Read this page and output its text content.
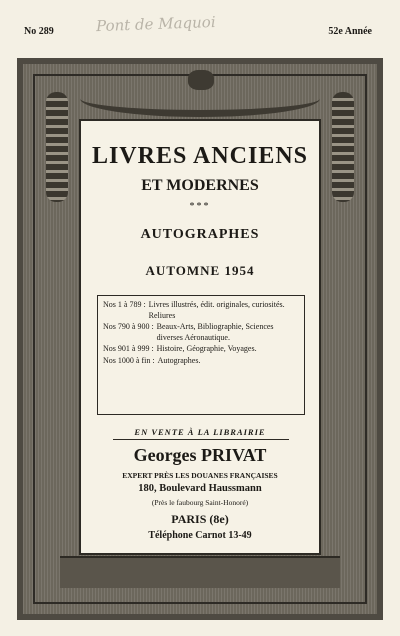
No 289	52e Année
Pont de Maquoi
LIVRES ANCIENS
ET MODERNES
***
AUTOGRAPHES
AUTOMNE 1954
Nos 1 à 789 : Livres illustrés, édit. originales, curiosités. Reliures
Nos 790 à 900 : Beaux-Arts, Bibliographie, Sciences diverses Aéronautique.
Nos 901 à 999 : Histoire, Géographie, Voyages.
Nos 1000 à fin : Autographes.
EN VENTE À LA LIBRAIRIE
Georges PRIVAT
EXPERT PRÈS LES DOUANES FRANÇAISES
180, Boulevard Haussmann
(Près le faubourg Saint-Honoré)
PARIS (8e)
Téléphone Carnot 13-49
